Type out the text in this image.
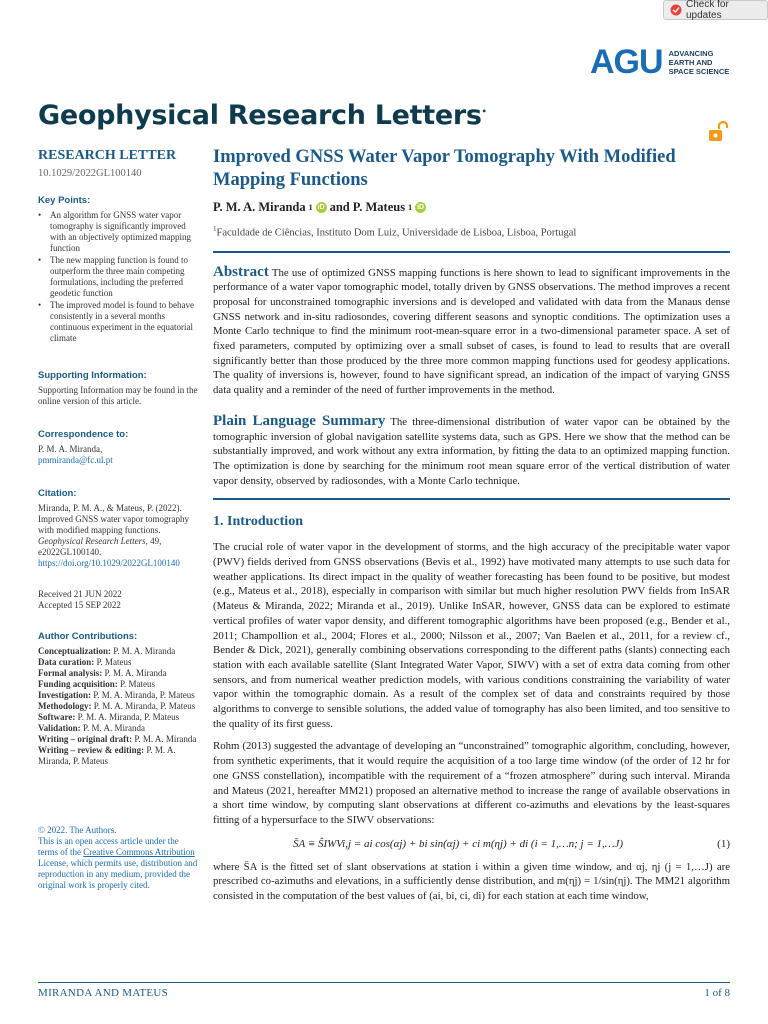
Check for updates
AGU ADVANCING
EARTH AND
SPACE SCIENCE
Geophysical Research Letters•
RESEARCH LETTER
10.1029/2022GL100140
Key Points:
• An algorithm for GNSS water vapor tomography is significantly improved with an objectively optimized mapping function
• The new mapping function is found to outperform the three main competing formulations, including the preferred geodetic function
• The improved model is found to behave consistently in a several months continuous experiment in the equatorial climate
Supporting Information:
Supporting Information may be found in the online version of this article.
Correspondence to:
P. M. A. Miranda,
pmmiranda@fc.ul.pt
Citation:
Miranda, P. M. A., & Mateus, P. (2022). Improved GNSS water vapor tomography with modified mapping functions. Geophysical Research Letters, 49, e2022GL100140. https://doi.org/10.1029/2022GL100140
Received 21 JUN 2022
Accepted 15 SEP 2022
Author Contributions:
Conceptualization: P. M. A. Miranda
Data curation: P. Mateus
Formal analysis: P. M. A. Miranda
Funding acquisition: P. Mateus
Investigation: P. M. A. Miranda, P. Mateus
Methodology: P. M. A. Miranda, P. Mateus
Software: P. M. A. Miranda, P. Mateus
Validation: P. M. A. Miranda
Writing – original draft: P. M. A. Miranda
Writing – review & editing: P. M. A. Miranda, P. Mateus
© 2022. The Authors.
This is an open access article under the terms of the Creative Commons Attribution License, which permits use, distribution and reproduction in any medium, provided the original work is properly cited.
Improved GNSS Water Vapor Tomography With Modified Mapping Functions
P. M. A. Miranda 1 iD and P. Mateus 1 iD
$^1$Faculdade de Ciências, Instituto Dom Luiz, Universidade de Lisboa, Lisboa, Portugal
Abstract The use of optimized GNSS mapping functions is here shown to lead to significant improvements in the performance of a water vapor tomographic model, totally driven by GNSS observations. The method improves a recent proposal for unconstrained tomographic inversions and is developed and validated with data from the Manaus dense GNSS network and in-situ radiosondes, covering different seasons and synoptic conditions. The optimization uses a Monte Carlo technique to find the minimum root-mean-square error in a two-dimensional parameter space. A set of fixed parameters, computed by optimizing over a small subset of cases, is found to lead to results that are overall significantly better than those produced by the three more common mapping functions used for geodesy applications. The quality of inversions is, however, found to have significant spread, an indication of the impact of varying GNSS data quality and a reminder of the need of further improvements in the method.
Plain Language Summary The three-dimensional distribution of water vapor can be obtained by the tomographic inversion of global navigation satellite systems data, such as GPS. Here we show that the method can be substantially improved, and work without any extra information, by fitting the data to an optimized mapping function. The optimization is done by searching for the minimum root mean square error of the vertical distribution of water vapor density, observed by radiosondes, with a Monte Carlo technique.
1. Introduction
The crucial role of water vapor in the development of storms, and the high accuracy of the precipitable water vapor (PWV) fields derived from GNSS observations (Bevis et al., 1992) have motivated many attempts to use such data for weather applications. Its direct impact in the quality of weather forecasting has been found to be positive, but modest (e.g., Mateus et al., 2018), especially in comparison with similar but much higher resolution PWV fields from InSAR (Mateus & Miranda, 2022; Miranda et al., 2019). Unlike InSAR, however, GNSS data can be explored to estimate vertical profiles of water vapor density, and different tomographic algorithms have been proposed (e.g., Bender et al., 2011; Champollion et al., 2004; Flores et al., 2000; Nilsson et al., 2007; Van Baelen et al., 2011, for a review cf., Bender & Dick, 2021), generally combining observations corresponding to the different paths (slants) connecting each station with each available satellite (Slant Integrated Water Vapor, SIWV) with a set of extra data coming from other sensors, and from numerical weather prediction models, with various conditions constraining the variability of water vapor within the tomographic domain. As a result of the complex set of data and constraints required by those algorithms to converge to sensible solutions, the added value of tomography has also been limited, and too sensitive to the quality of its first guess.
Rohm (2013) suggested the advantage of developing an “unconstrained” tomographic algorithm, concluding, however, from synthetic experiments, that it would require the acquisition of a too large time window (of the order of 12 hr for one GNSS constellation), incompatible with the requirement of a “frozen atmosphere” during such interval. Miranda and Mateus (2021, hereafter MM21) proposed an alternative method to increase the range of available observations in a short time window, by computing slant observations at different co-azimuths and elevations by the least-squares fitting of a hypersurface to the SIWV observations:
S̄A ≡ ŜIWVi,j = ai cos(αj) + bi sin(αj) + ci m(ηj) + di (i = 1,…n; j = 1,…J)	(1)
where S̄A is the fitted set of slant observations at station i within a given time window, and αj, ηj (j = 1,…J) are prescribed co-azimuths and elevations, in a sufficiently dense distribution, and m(ηj) = 1/sin(ηj). The MM21 algorithm consisted in the computation of the best values of (ai, bi, ci, di) for each station at each time window,
MIRANDA AND MATEUS	1 of 8
